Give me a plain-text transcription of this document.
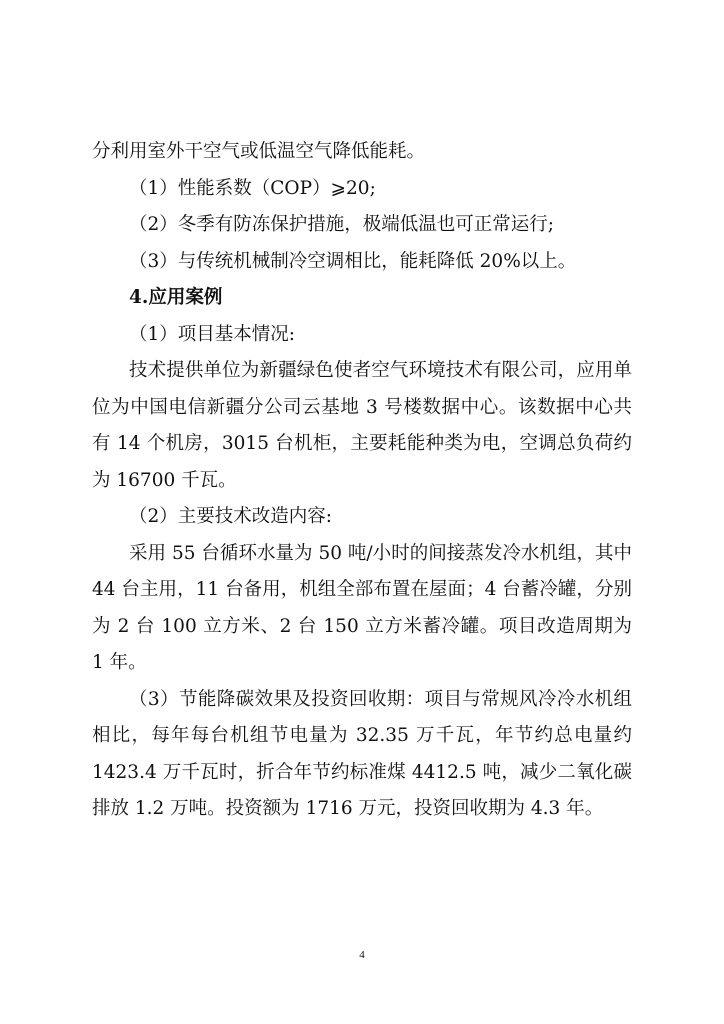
分利用室外干空气或低温空气降低能耗。

（1）性能系数（COP）⩾20;

（2）冬季有防冻保护措施，极端低温也可正常运行;

（3）与传统机械制冷空调相比，能耗降低 20%以上。

4.应用案例

（1）项目基本情况:

技术提供单位为新疆绿色使者空气环境技术有限公司，应用单位为中国电信新疆分公司云基地 3 号楼数据中心。该数据中心共有 14 个机房，3015 台机柜，主要耗能种类为电，空调总负荷约为 16700 千瓦。

（2）主要技术改造内容:

采用 55 台循环水量为 50 吨/小时的间接蒸发冷水机组，其中 44 台主用，11 台备用，机组全部布置在屋面；4 台蓄冷罐，分别为 2 台 100 立方米、2 台 150 立方米蓄冷罐。项目改造周期为 1 年。

（3）节能降碳效果及投资回收期：项目与常规风冷冷水机组相比，每年每台机组节电量为 32.35 万千瓦，年节约总电量约 1423.4 万千瓦时，折合年节约标准煤 4412.5 吨，减少二氧化碳排放 1.2 万吨。投资额为 1716 万元，投资回收期为 4.3 年。

4
